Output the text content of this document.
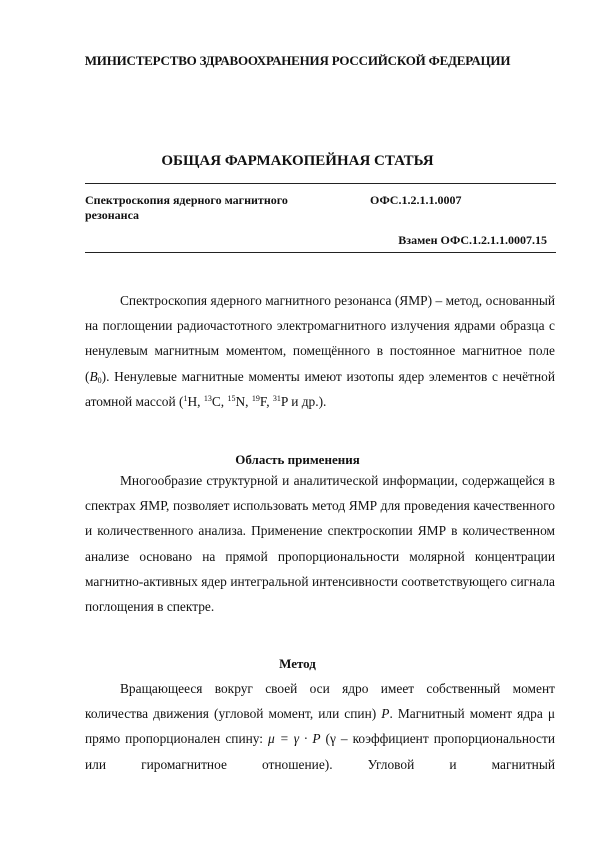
МИНИСТЕРСТВО ЗДРАВООХРАНЕНИЯ РОССИЙСКОЙ ФЕДЕРАЦИИ
ОБЩАЯ ФАРМАКОПЕЙНАЯ СТАТЬЯ
Спектроскопия ядерного магнитного резонанса
ОФС.1.2.1.1.0007
Взамен ОФС.1.2.1.1.0007.15
Спектроскопия ядерного магнитного резонанса (ЯМР) – метод, основанный на поглощении радиочастотного электромагнитного излучения ядрами образца с ненулевым магнитным моментом, помещённого в постоянное магнитное поле $(B_0)$. Ненулевые магнитные моменты имеют изотопы ядер элементов с нечётной атомной массой ($^1$H, $^{13}$C, $^{15}$N, $^{19}$F, $^{31}$P и др.).
Область применения
Многообразие структурной и аналитической информации, содержащейся в спектрах ЯМР, позволяет использовать метод ЯМР для проведения качественного и количественного анализа. Применение спектроскопии ЯМР в количественном анализе основано на прямой пропорциональности молярной концентрации магнитно-активных ядер интегральной интенсивности соответствующего сигнала поглощения в спектре.
Метод
Вращающееся вокруг своей оси ядро имеет собственный момент количества движения (угловой момент, или спин) P. Магнитный момент ядра μ прямо пропорционален спину: μ = γ · P (γ – коэффициент пропорциональности или гиромагнитное отношение). Угловой и магнитный
